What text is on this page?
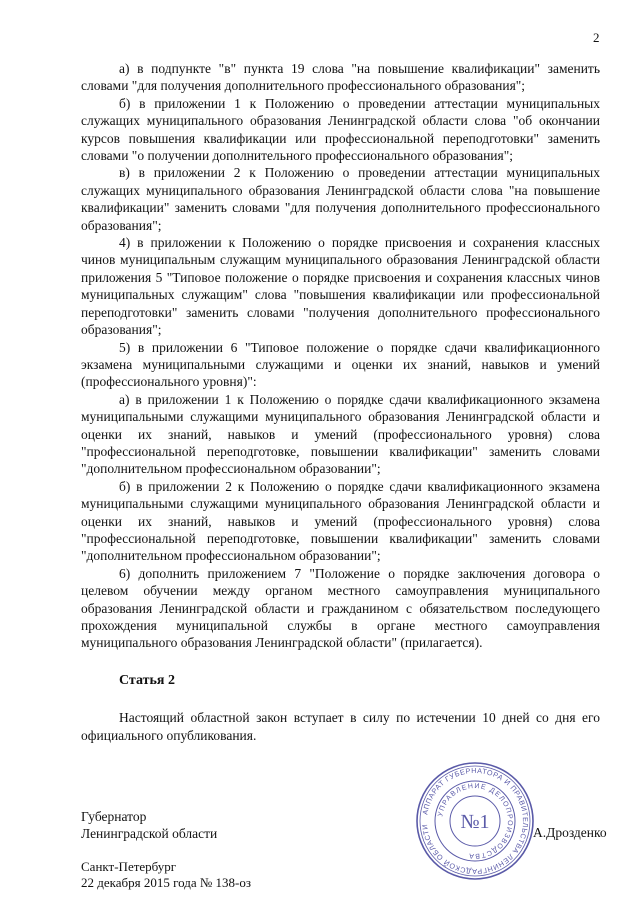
2

а) в подпункте "в" пункта 19 слова "на повышение квалификации" заменить словами "для получения дополнительного профессионального образования";

б) в приложении 1 к Положению о проведении аттестации муниципальных служащих муниципального образования Ленинградской области слова "об окончании курсов повышения квалификации или профессиональной переподготовки" заменить словами "о получении дополнительного профессионального образования";

в) в приложении 2 к Положению о проведении аттестации муниципальных служащих муниципального образования Ленинградской области слова "на повышение квалификации" заменить словами "для получения дополнительного профессионального образования";

4) в приложении к Положению о порядке присвоения и сохранения классных чинов муниципальным служащим муниципального образования Ленинградской области приложения 5 "Типовое положение о порядке присвоения и сохранения классных чинов муниципальных служащим" слова "повышения квалификации или профессиональной переподготовки" заменить словами "получения дополнительного профессионального образования";

5) в приложении 6 "Типовое положение о порядке сдачи квалификационного экзамена муниципальными служащими и оценки их знаний, навыков и умений (профессионального уровня)":

а) в приложении 1 к Положению о порядке сдачи квалификационного экзамена муниципальными служащими муниципального образования Ленинградской области и оценки их знаний, навыков и умений (профессионального уровня) слова "профессиональной переподготовке, повышении квалификации" заменить словами "дополнительном профессиональном образовании";

б) в приложении 2 к Положению о порядке сдачи квалификационного экзамена муниципальными служащими муниципального образования Ленинградской области и оценки их знаний, навыков и умений (профессионального уровня) слова "профессиональной переподготовке, повышении квалификации" заменить словами "дополнительном профессиональном образовании";

6) дополнить приложением 7 "Положение о порядке заключения договора о целевом обучении между органом местного самоуправления муниципального образования Ленинградской области и гражданином с обязательством последующего прохождения муниципальной службы в органе местного самоуправления муниципального образования Ленинградской области" (прилагается).

Статья 2

Настоящий областной закон вступает в силу по истечении 10 дней со дня его официального опубликования.

Губернатор
Ленинградской области	А.Дрозденко
Санкт-Петербург
22 декабря 2015 года № 138-оз
АППАРАТ ГУБЕРНАТОРА И ПРАВИТЕЛЬСТВА ЛЕНИНГРАДСКОЙ ОБЛАСТИ
УПРАВЛЕНИЕ ДЕЛОПРОИЗВОДСТВА
№1
